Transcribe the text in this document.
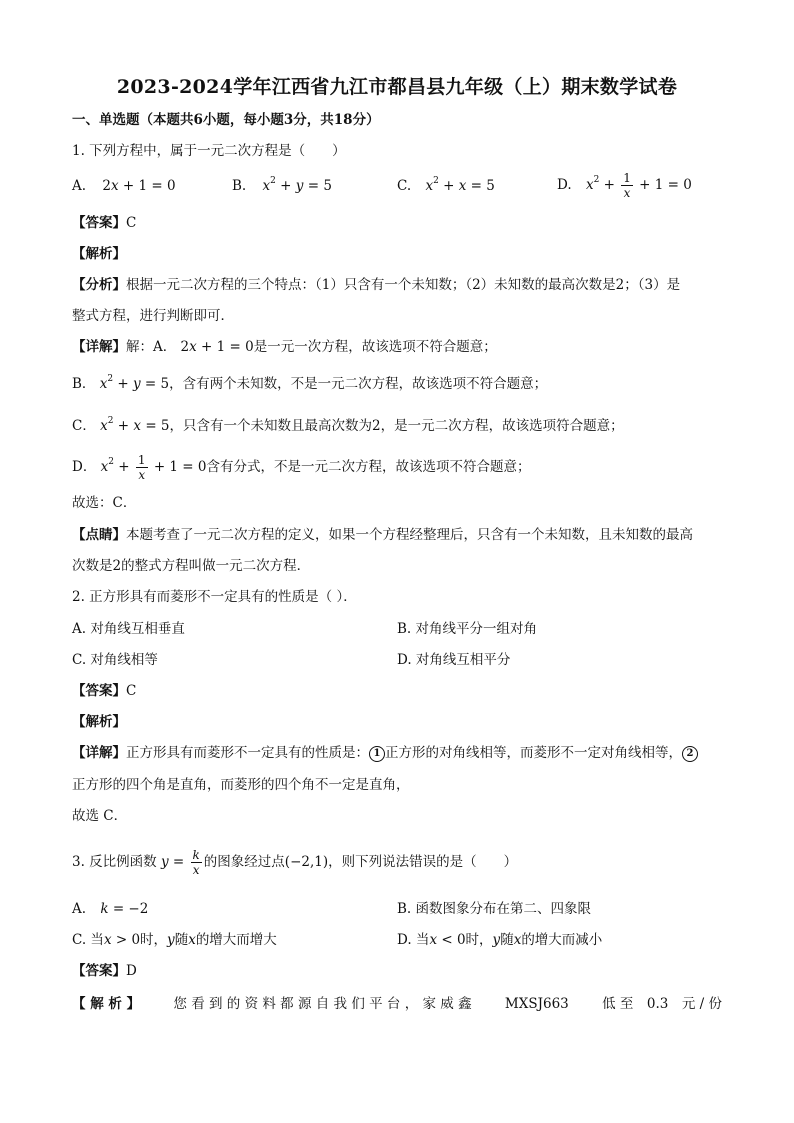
2023-2024学年江西省九江市都昌县九年级（上）期末数学试卷
一、单选题（本题共6小题，每小题3分，共18分）
1. 下列方程中，属于一元二次方程是（　　）
A. 2x + 1 = 0	B. $x^2 + y = 5$	C. $x^2 + x = 5$	D. $x^2 + \frac{1}{x} + 1 = 0$
【答案】C
【解析】
【分析】根据一元二次方程的三个特点：（1）只含有一个未知数；（2）未知数的最高次数是2；（3）是
整式方程，进行判断即可．
【详解】解：A． 2x + 1 = 0是一元一次方程，故该选项不符合题意；
B． $x^2 + y = 5$，含有两个未知数，不是一元二次方程，故该选项不符合题意；
C． $x^2 + x = 5$，只含有一个未知数且最高次数为2，是一元二次方程，故该选项符合题意；
D． $x^2 + \frac{1}{x} + 1 = 0$含有分式，不是一元二次方程，故该选项不符合题意；
故选：C．
【点睛】本题考查了一元二次方程的定义，如果一个方程经整理后，只含有一个未知数，且未知数的最高
次数是2的整式方程叫做一元二次方程．
2. 正方形具有而菱形不一定具有的性质是（ ）．
A. 对角线互相垂直	B. 对角线平分一组对角
C. 对角线相等	D. 对角线互相平分
【答案】C
【解析】
【详解】正方形具有而菱形不一定具有的性质是： 1 正方形的对角线相等，而菱形不一定对角线相等， 2
正方形的四个角是直角，而菱形的四个角不一定是直角，
故选 C．
3. 反比例函数 $y = \frac{k}{x}$ 的图象经过点(−2,1)，则下列说法错误的是（　　）
A. k = −2	B. 函数图象分布在第二、四象限
C. 当x > 0时，y随x的增大而增大	D. 当x < 0时，y随x的增大而减小
【答案】D
【 解 析 】 您 看 到 的 资 料 都 源 自 我 们 平 台 ， 家 威 鑫 MXSJ663 低 至　0.3　元 / 份
